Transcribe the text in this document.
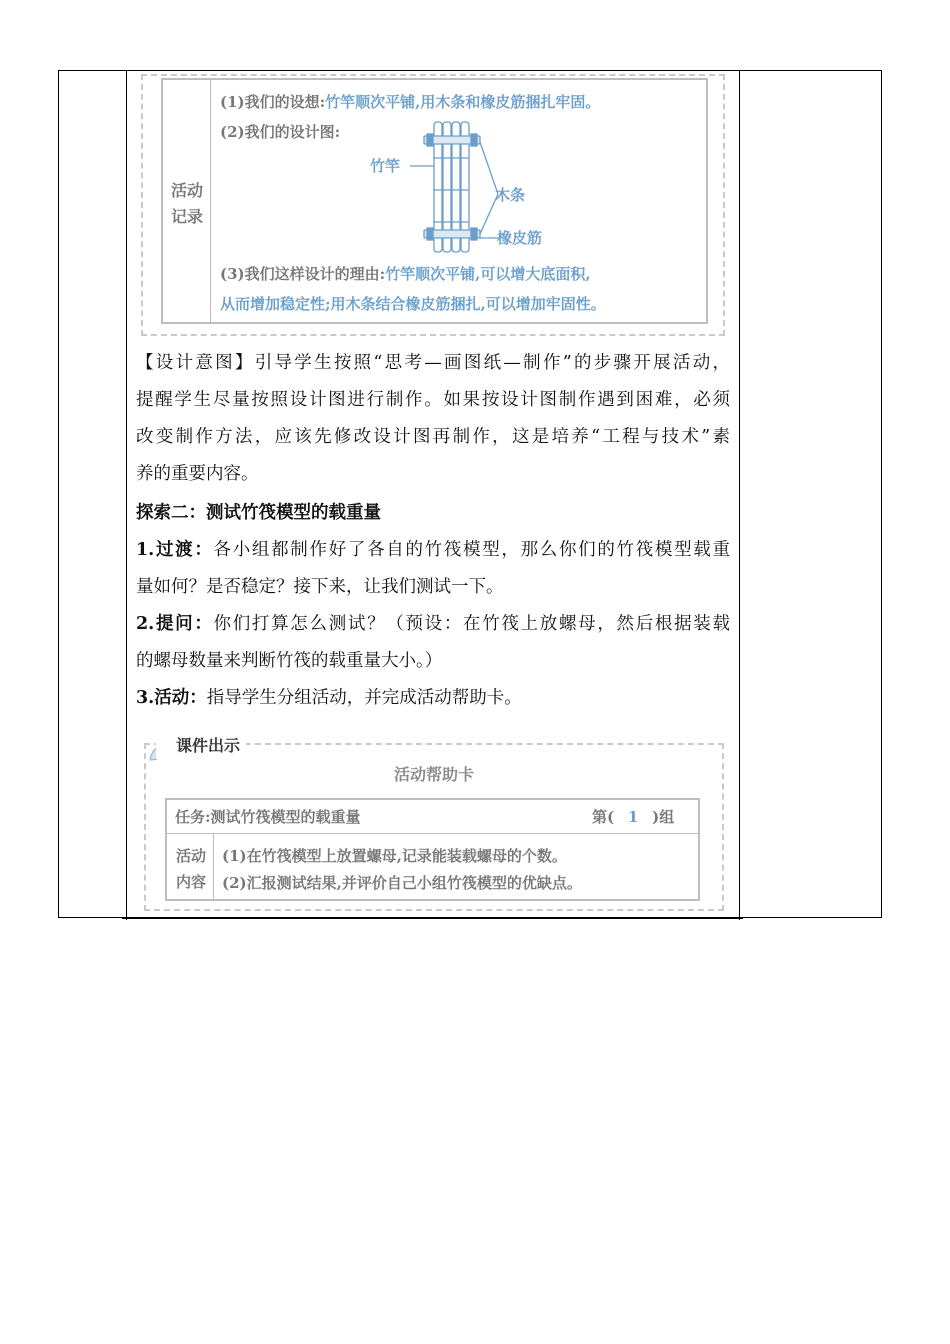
活动
记录
(1)我们的设想:竹竿顺次平铺,用木条和橡皮筋捆扎牢固。
(2)我们的设计图:
竹竿
木条
橡皮筋
(3)我们这样设计的理由:竹竿顺次平铺,可以增大底面积,
从而增加稳定性;用木条结合橡皮筋捆扎,可以增加牢固性。
【设计意图】引导学生按照“思考—画图纸—制作”的步骤开展活动，
提醒学生尽量按照设计图进行制作。如果按设计图制作遇到困难，必须
改变制作方法，应该先修改设计图再制作，这是培养“工程与技术”素
养的重要内容。
探索二：测试竹筏模型的载重量
1.过渡：各小组都制作好了各自的竹筏模型，那么你们的竹筏模型载重
量如何？是否稳定？接下来，让我们测试一下。
2.提问：你们打算怎么测试？（预设：在竹筏上放螺母，然后根据装载
的螺母数量来判断竹筏的载重量大小。）
3.活动：指导学生分组活动，并完成活动帮助卡。
课件出示
活动帮助卡
任务:测试竹筏模型的载重量	第( 1 )组
活动
内容
(1)在竹筏模型上放置螺母,记录能装载螺母的个数。
(2)汇报测试结果,并评价自己小组竹筏模型的优缺点。
